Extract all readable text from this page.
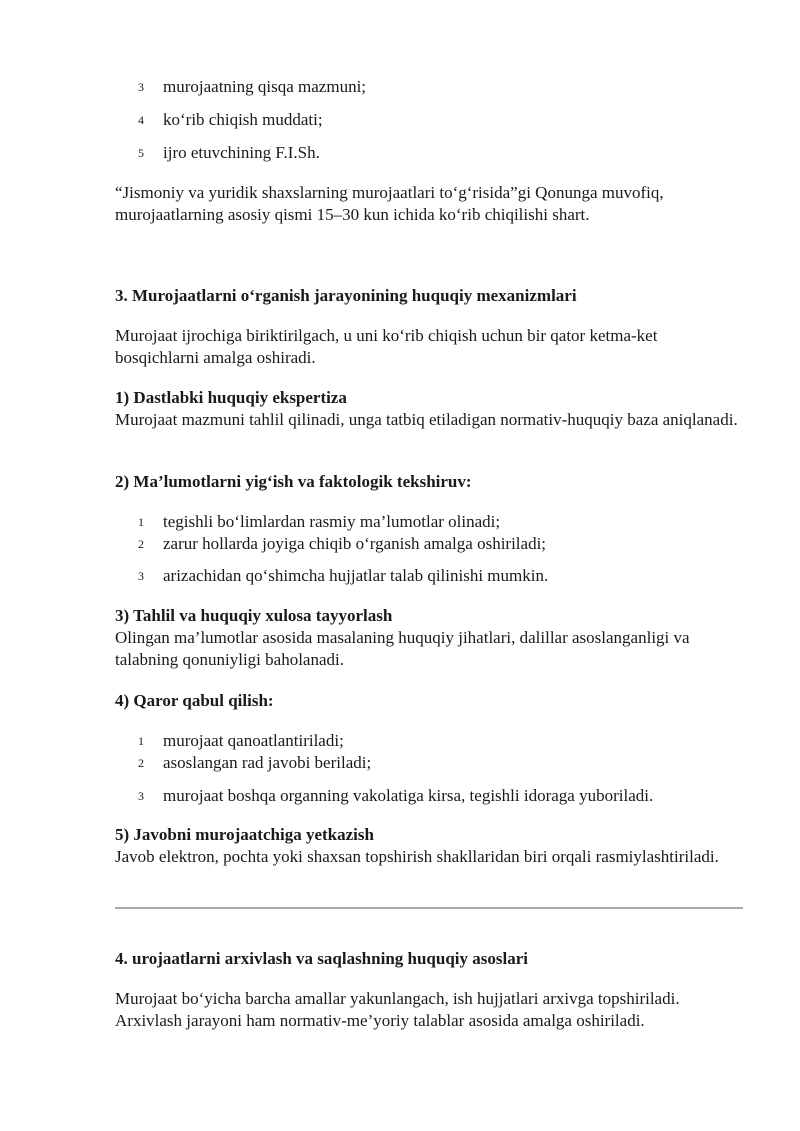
3	murojaatning qisqa mazmuni;
4	ko‘rib chiqish muddati;
5	ijro etuvchining F.I.Sh.

“Jismoniy va yuridik shaxslarning murojaatlari to‘g‘risida”gi Qonunga muvofiq, murojaatlarning asosiy qismi 15–30 kun ichida ko‘rib chiqilishi shart.

3. Murojaatlarni o‘rganish jarayonining huquqiy mexanizmlari

Murojaat ijrochiga biriktirilgach, u uni ko‘rib chiqish uchun bir qator ketma-ket bosqichlarni amalga oshiradi.

1) Dastlabki huquqiy ekspertiza

Murojaat mazmuni tahlil qilinadi, unga tatbiq etiladigan normativ-huquqiy baza aniqlanadi.

2) Ma’lumotlarni yig‘ish va faktologik tekshiruv:
1	tegishli bo‘limlardan rasmiy ma’lumotlar olinadi;
2	zarur hollarda joyiga chiqib o‘rganish amalga oshiriladi;
3	arizachidan qo‘shimcha hujjatlar talab qilinishi mumkin.
3) Tahlil va huquqiy xulosa tayyorlash

Olingan ma’lumotlar asosida masalaning huquqiy jihatlari, dalillar asoslanganligi va talabning qonuniyligi baholanadi.

4) Qaror qabul qilish:
1	murojaat qanoatlantiriladi;
2	asoslangan rad javobi beriladi;
3	murojaat boshqa organning vakolatiga kirsa, tegishli idoraga yuboriladi.
5) Javobni murojaatchiga yetkazish

Javob elektron, pochta yoki shaxsan topshirish shakllaridan biri orqali rasmiylashtiriladi.

4. urojaatlarni arxivlash va saqlashning huquqiy asoslari

Murojaat bo‘yicha barcha amallar yakunlangach, ish hujjatlari arxivga topshiriladi. Arxivlash jarayoni ham normativ-me’yoriy talablar asosida amalga oshiriladi.
